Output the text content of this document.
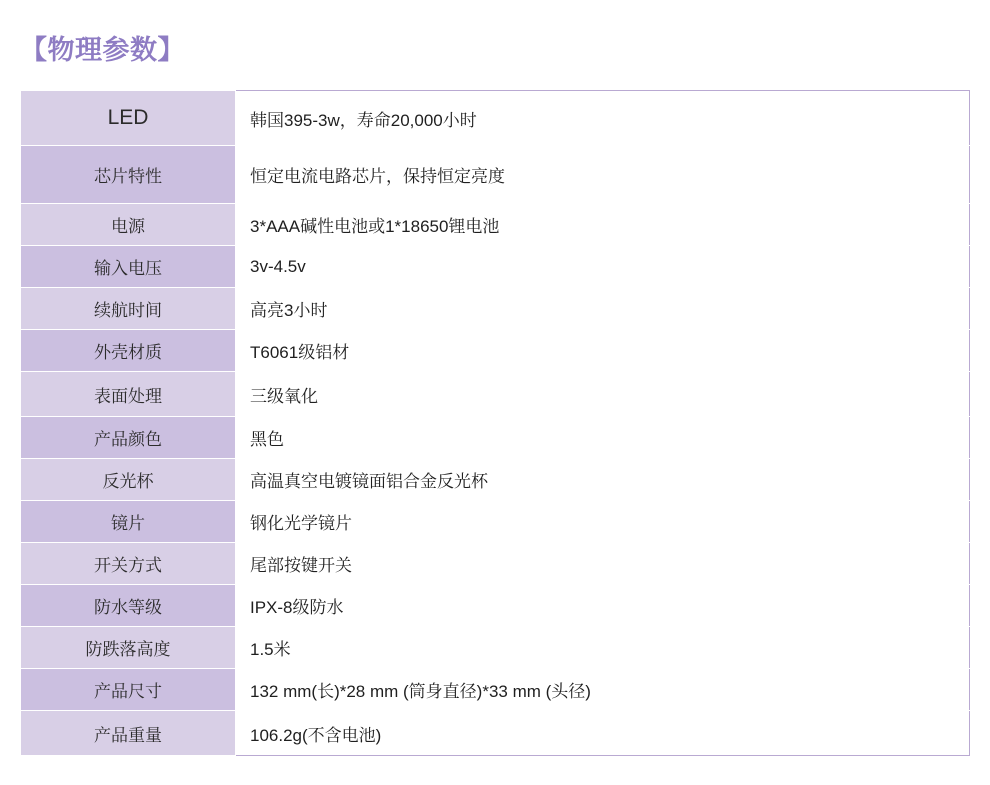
【物理参数】
LED	韩国395-3w，寿命20,000小时
芯片特性	恒定电流电路芯片，保持恒定亮度
电源	3*AAA碱性电池或1*18650锂电池
输入电压	3v-4.5v
续航时间	高亮3小时
外壳材质	T6061级铝材
表面处理	三级氧化
产品颜色	黑色
反光杯	高温真空电镀镜面铝合金反光杯
镜片	钢化光学镜片
开关方式	尾部按键开关
防水等级	IPX-8级防水
防跌落高度	1.5米
产品尺寸	132 mm(长)*28 mm (筒身直径)*33 mm (头径)
产品重量	106.2g(不含电池)
